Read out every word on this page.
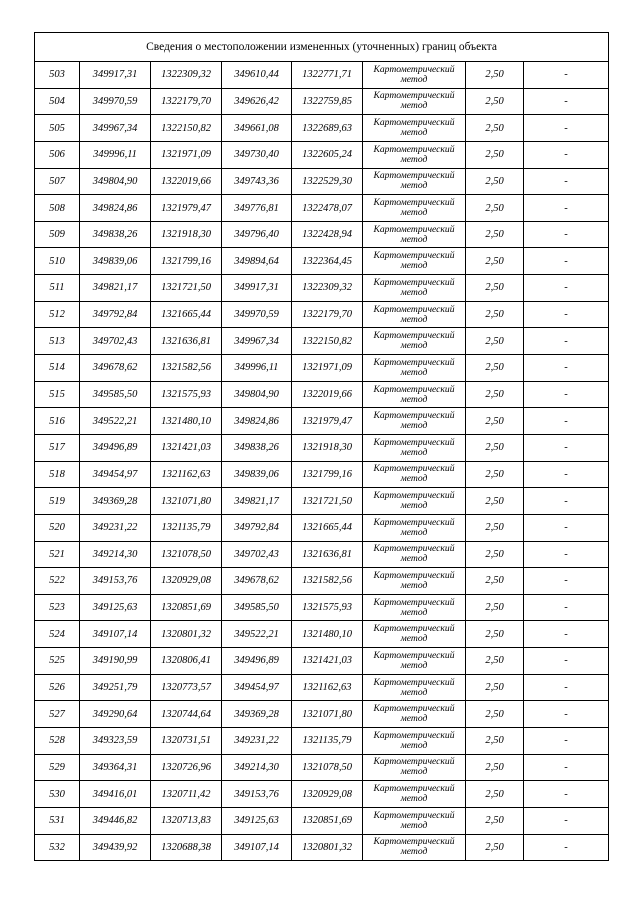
Сведения о местоположении измененных (уточненных) границ объекта							
503	349917,31	1322309,32	349610,44	1322771,71	Картометрический метод	2,50	-
504	349970,59	1322179,70	349626,42	1322759,85	Картометрический метод	2,50	-
505	349967,34	1322150,82	349661,08	1322689,63	Картометрический метод	2,50	-
506	349996,11	1321971,09	349730,40	1322605,24	Картометрический метод	2,50	-
507	349804,90	1322019,66	349743,36	1322529,30	Картометрический метод	2,50	-
508	349824,86	1321979,47	349776,81	1322478,07	Картометрический метод	2,50	-
509	349838,26	1321918,30	349796,40	1322428,94	Картометрический метод	2,50	-
510	349839,06	1321799,16	349894,64	1322364,45	Картометрический метод	2,50	-
511	349821,17	1321721,50	349917,31	1322309,32	Картометрический метод	2,50	-
512	349792,84	1321665,44	349970,59	1322179,70	Картометрический метод	2,50	-
513	349702,43	1321636,81	349967,34	1322150,82	Картометрический метод	2,50	-
514	349678,62	1321582,56	349996,11	1321971,09	Картометрический метод	2,50	-
515	349585,50	1321575,93	349804,90	1322019,66	Картометрический метод	2,50	-
516	349522,21	1321480,10	349824,86	1321979,47	Картометрический метод	2,50	-
517	349496,89	1321421,03	349838,26	1321918,30	Картометрический метод	2,50	-
518	349454,97	1321162,63	349839,06	1321799,16	Картометрический метод	2,50	-
519	349369,28	1321071,80	349821,17	1321721,50	Картометрический метод	2,50	-
520	349231,22	1321135,79	349792,84	1321665,44	Картометрический метод	2,50	-
521	349214,30	1321078,50	349702,43	1321636,81	Картометрический метод	2,50	-
522	349153,76	1320929,08	349678,62	1321582,56	Картометрический метод	2,50	-
523	349125,63	1320851,69	349585,50	1321575,93	Картометрический метод	2,50	-
524	349107,14	1320801,32	349522,21	1321480,10	Картометрический метод	2,50	-
525	349190,99	1320806,41	349496,89	1321421,03	Картометрический метод	2,50	-
526	349251,79	1320773,57	349454,97	1321162,63	Картометрический метод	2,50	-
527	349290,64	1320744,64	349369,28	1321071,80	Картометрический метод	2,50	-
528	349323,59	1320731,51	349231,22	1321135,79	Картометрический метод	2,50	-
529	349364,31	1320726,96	349214,30	1321078,50	Картометрический метод	2,50	-
530	349416,01	1320711,42	349153,76	1320929,08	Картометрический метод	2,50	-
531	349446,82	1320713,83	349125,63	1320851,69	Картометрический метод	2,50	-
532	349439,92	1320688,38	349107,14	1320801,32	Картометрический метод	2,50	-
